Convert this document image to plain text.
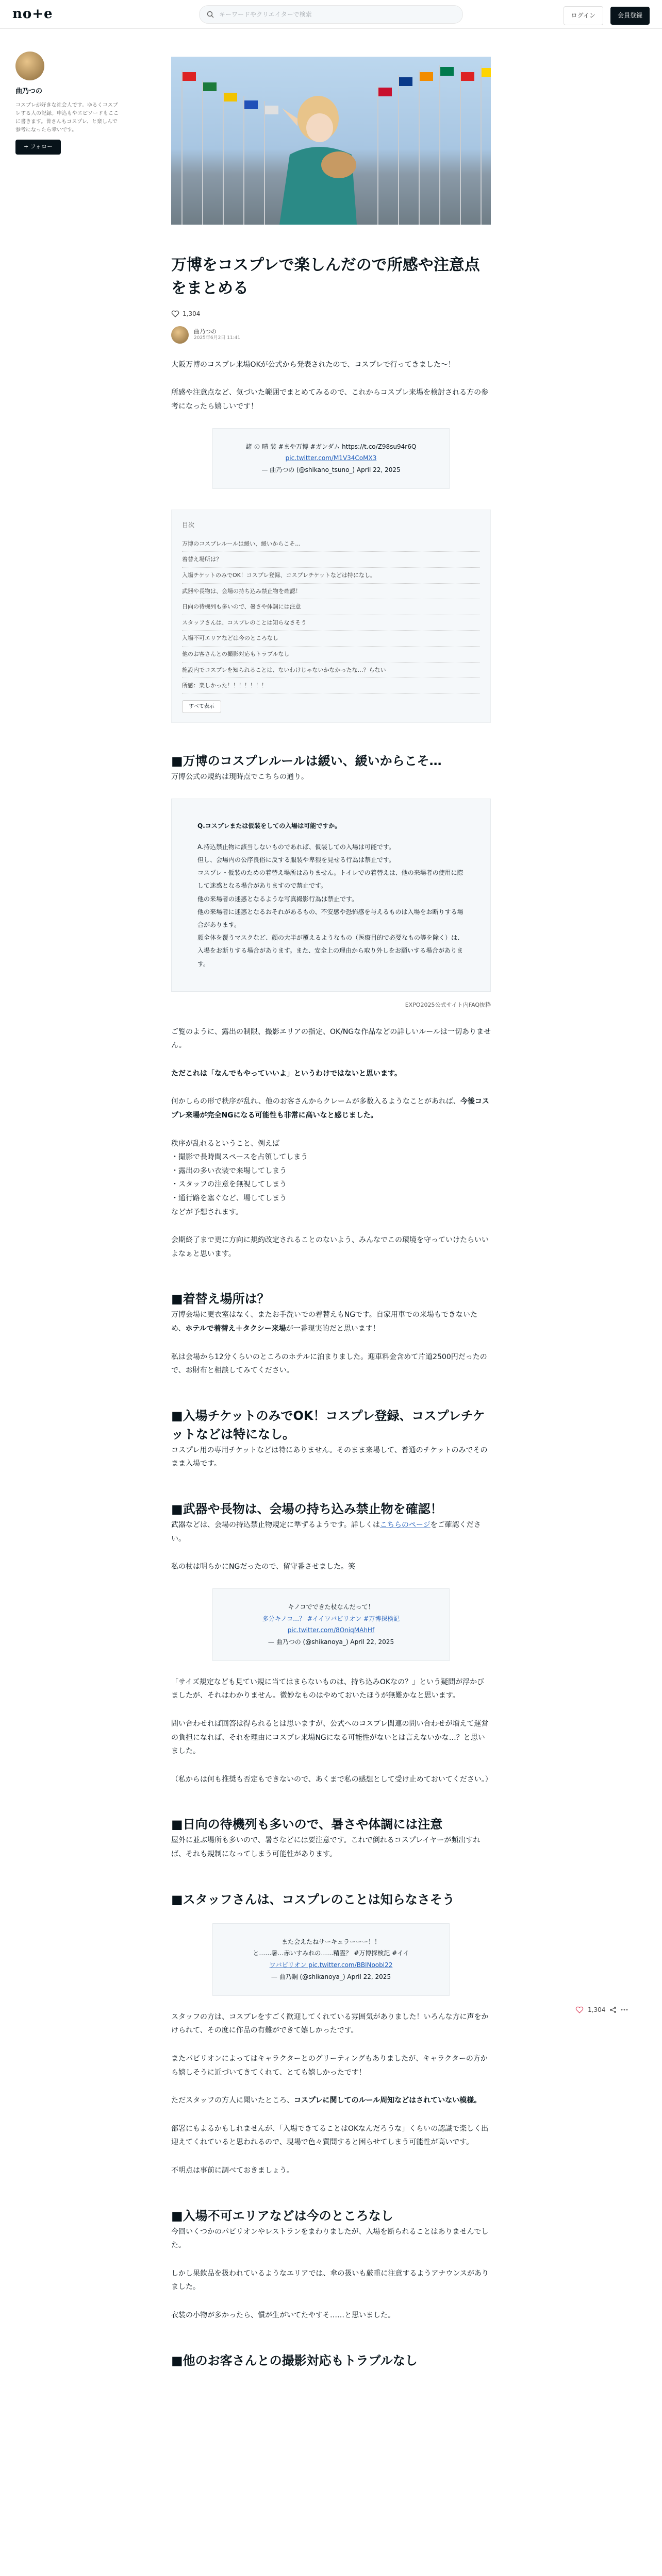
no+e	キーワードやクリエイターで検索	ログイン	会員登録
曲乃つの
コスプレが好きな社会人です。ゆるくコスプレする人の記録。申込もやエピソードもここに書きます。皆さんもコスプレ、と楽しんで参考になったら幸いです。
+ フォロー
万博をコスプレで楽しんだので所感や注意点をまとめる
1,304
曲乃つの
2025年6月2日 11:41

大阪万博のコスプレ来場OKが公式から発表されたので、コスプレで行ってきました〜！

所感や注意点など、気づいた範囲でまとめてみるので、これからコスプレ来場を検討される方の参考になったら嬉しいです！

諸 の 晴 装 #まや万博 #ガンダム https://t.co/Z98su94r6Q
pic.twitter.com/M1V34CoMX3
— 曲乃つの (@shikano_tsuno_) April 22, 2025
目次
万博のコスプレルールは緩い、緩いからこそ…
着替え場所は？
入場チケットのみでOK！コスプレ登録、コスプレチケットなどは特になし。
武器や長物は、会場の持ち込み禁止物を確認！
日向の待機列も多いので、暑さや体調には注意
スタッフさんは、コスプレのことは知らなさそう
入場不可エリアなどは今のところなし
他のお客さんとの撮影対応もトラブルなし
施設内でコスプレを知られることは、ないわけじゃないかなかったな…？らない
所感：楽しかった！！！！！！！
すべて表示
■万博のコスプレルールは緩い、緩いからこそ…

万博公式の規約は現時点でこちらの通り。

Q.コスプレまたは仮装をしての入場は可能ですか。
A.持込禁止物に該当しないものであれば、仮装しての入場は可能です。
但し、会場内の公序良俗に反する服装や卑猥を見せる行為は禁止です。
コスプレ・仮装のための着替え場所はありません。トイレでの着替えは、他の来場者の使用に際して迷惑となる場合がありますので禁止です。
他の来場者の迷惑となるような写真撮影行為は禁止です。
他の来場者に迷惑となるおそれがあるもの、不安感や恐怖感を与えるものは入場をお断りする場合があります。
顔全体を覆うマスクなど、顔の大半が覆えるようなもの（医療目的で必要なもの等を除く）は、入場をお断りする場合があります。また、安全上の理由から取り外しをお願いする場合があります。
EXPO2025公式サイト内FAQ抜粋

ご覧のように、露出の制限、撮影エリアの指定、OK/NGな作品などの詳しいルールは一切ありません。

ただこれは「なんでもやっていいよ」というわけではないと思います。

何かしらの形で秩序が乱れ、他のお客さんからクレームが多数入るようなことがあれば、今後コスプレ来場が完全NGになる可能性も非常に高いなと感じました。

秩序が乱れるということ、例えば

・撮影で長時間スペースを占領してしまう
・露出の多い衣装で来場してしまう
・スタッフの注意を無視してしまう
・通行路を塞ぐなど、場してしまう
などが予想されます。

会期終了まで更に方向に規約改定されることのないよう、みんなでこの環境を守っていけたらいいよなぁと思います。

■着替え場所は？

万博会場に更衣室はなく、またお手洗いでの着替えもNGです。自家用車での来場もできないため、ホテルで着替え＋タクシー来場が一番現実的だと思います！

私は会場から12分くらいのところのホテルに泊まりました。迎車料金含めて片道2500円だったので、お財布と相談してみてください。

■入場チケットのみでOK！コスプレ登録、コスプレチケットなどは特になし。

コスプレ用の専用チケットなどは特にありません。そのまま来場して、普通のチケットのみでそのまま入場です。

■武器や長物は、会場の持ち込み禁止物を確認！

武器などは、会場の持込禁止物規定に準ずるようです。詳しくはこちらのページをご確認ください。

私の杖は明らかにNGだったので、留守番させました。笑

キノコでできた杖なんだって！
多分キノコ…？ #イイワバビリオン #万博探検記
pic.twitter.com/8OniqMAhHf
— 曲乃つの (@shikanoya_) April 22, 2025

「サイズ規定なども見てい規に当てはまらないものは、持ち込みOKなの？」という疑問が浮かびましたが、それはわかりません。微妙なものはやめておいたほうが無難かなと思います。

問い合わせれば回答は得られるとは思いますが、公式へのコスプレ関連の問い合わせが増えて運営の負担になれば、それを理由にコスプレ来場NGになる可能性がないとは言えないかな…？と思いました。

（私からは何も推奨も否定もできないので、あくまで私の感想として受け止めておいてください。）

■日向の待機列も多いので、暑さや体調には注意

屋外に並ぶ場所も多いので、暑さなどには要注意です。これで倒れるコスプレイヤーが頻出すれば、それも規制になってしまう可能性があります。

■スタッフさんは、コスプレのことは知らなさそう
また会えたねサーキュラーーー！！
と……暑…赤いすみれの……精霊？ #万博探検記 #イイ
ワバビリオン pic.twitter.com/BBlNoobl22
— 曲乃鋼 (@shikanoya_) April 22, 2025

スタッフの方は、コスプレをすごく歓迎してくれている雰囲気がありました！いろんな方に声をかけられて、その度に作品の有難ができて嬉しかったです。

またパビリオンによってはキャラクターとのグリーティングもありましたが、キャラクターの方から嬉しそうに近づいてきてくれて、とても嬉しかったです！

ただスタッフの方人に聞いたところ、コスプレに関してのルール周知などはされていない模様。

部署にもよるかもしれませんが、「入場できてることはOKなんだろうな」くらいの認識で楽しく出迎えてくれていると思われるので、現場で色々質問すると困らせてしまう可能性が高いです。

不明点は事前に調べておきましょう。

■入場不可エリアなどは今のところなし

今回いくつかのパビリオンやレストランをまわりましたが、入場を断られることはありませんでした。

しかし果飲品を扱われているようなエリアでは、傘の扱いも厳重に注意するようアナウンスがありました。

衣装の小物が多かったら、慣が生がいてたやすそ……と思いました。

■他のお客さんとの撮影対応もトラブルなし
1,304
